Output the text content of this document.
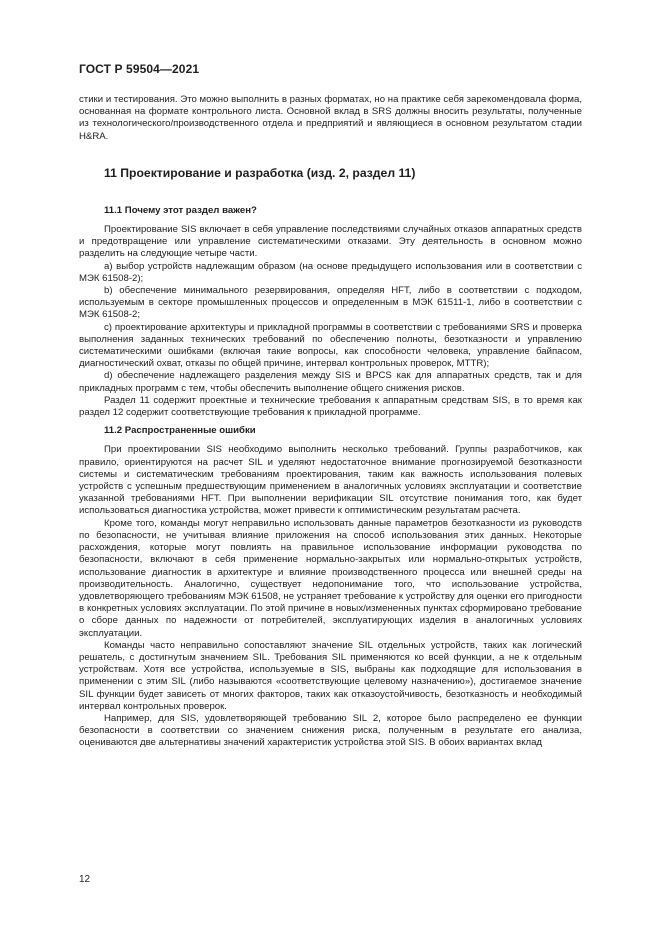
ГОСТ Р 59504—2021

стики и тестирования. Это можно выполнить в разных форматах, но на практике себя зарекомендовала форма, основанная на формате контрольного листа. Основной вклад в SRS должны вносить результаты, полученные из технологического/производственного отдела и предприятий и являющиеся в основном результатом стадии H&RA.

11 Проектирование и разработка (изд. 2, раздел 11)
11.1 Почему этот раздел важен?

Проектирование SIS включает в себя управление последствиями случайных отказов аппаратных средств и предотвращение или управление систематическими отказами. Эту деятельность в основном можно разделить на следующие четыре части.

a) выбор устройств надлежащим образом (на основе предыдущего использования или в соответствии с МЭК 61508-2);

b) обеспечение минимального резервирования, определяя HFT, либо в соответствии с подходом, используемым в секторе промышленных процессов и определенным в МЭК 61511-1, либо в соответствии с МЭК 61508-2;

c) проектирование архитектуры и прикладной программы в соответствии с требованиями SRS и проверка выполнения заданных технических требований по обеспечению полноты, безотказности и управлению систематическими ошибками (включая такие вопросы, как способности человека, управление байпасом, диагностический охват, отказы по общей причине, интервал контрольных проверок, MTTR);

d) обеспечение надлежащего разделения между SIS и BPCS как для аппаратных средств, так и для прикладных программ с тем, чтобы обеспечить выполнение общего снижения рисков.

Раздел 11 содержит проектные и технические требования к аппаратным средствам SIS, в то время как раздел 12 содержит соответствующие требования к прикладной программе.

11.2 Распространенные ошибки

При проектировании SIS необходимо выполнить несколько требований. Группы разработчиков, как правило, ориентируются на расчет SIL и уделяют недостаточное внимание прогнозируемой безотказности системы и систематическим требованиям проектирования, таким как важность использования полевых устройств с успешным предшествующим применением в аналогичных условиях эксплуатации и соответствие указанной требованиями HFT. При выполнении верификации SIL отсутствие понимания того, как будет использоваться диагностика устройства, может привести к оптимистическим результатам расчета.

Кроме того, команды могут неправильно использовать данные параметров безотказности из руководств по безопасности, не учитывая влияние приложения на способ использования этих данных. Некоторые расхождения, которые могут повлиять на правильное использование информации руководства по безопасности, включают в себя применение нормально-закрытых или нормально-открытых устройств, использование диагностик в архитектуре и влияние производственного процесса или внешней среды на производительность. Аналогично, существует недопонимание того, что использование устройства, удовлетворяющего требованиям МЭК 61508, не устраняет требование к устройству для оценки его пригодности в конкретных условиях эксплуатации. По этой причине в новых/измененных пунктах сформировано требование о сборе данных по надежности от потребителей, эксплуатирующих изделия в аналогичных условиях эксплуатации.

Команды часто неправильно сопоставляют значение SIL отдельных устройств, таких как логический решатель, с достигнутым значением SIL. Требования SIL применяются ко всей функции, а не к отдельным устройствам. Хотя все устройства, используемые в SIS, выбраны как подходящие для использования в применении с этим SIL (либо называются «соответствующие целевому назначению»), достигаемое значение SIL функции будет зависеть от многих факторов, таких как отказоустойчивость, безотказность и необходимый интервал контрольных проверок.

Например, для SIS, удовлетворяющей требованию SIL 2, которое было распределено ее функции безопасности в соответствии со значением снижения риска, полученным в результате его анализа, оцениваются две альтернативы значений характеристик устройства этой SIS. В обоих вариантах вклад

12
